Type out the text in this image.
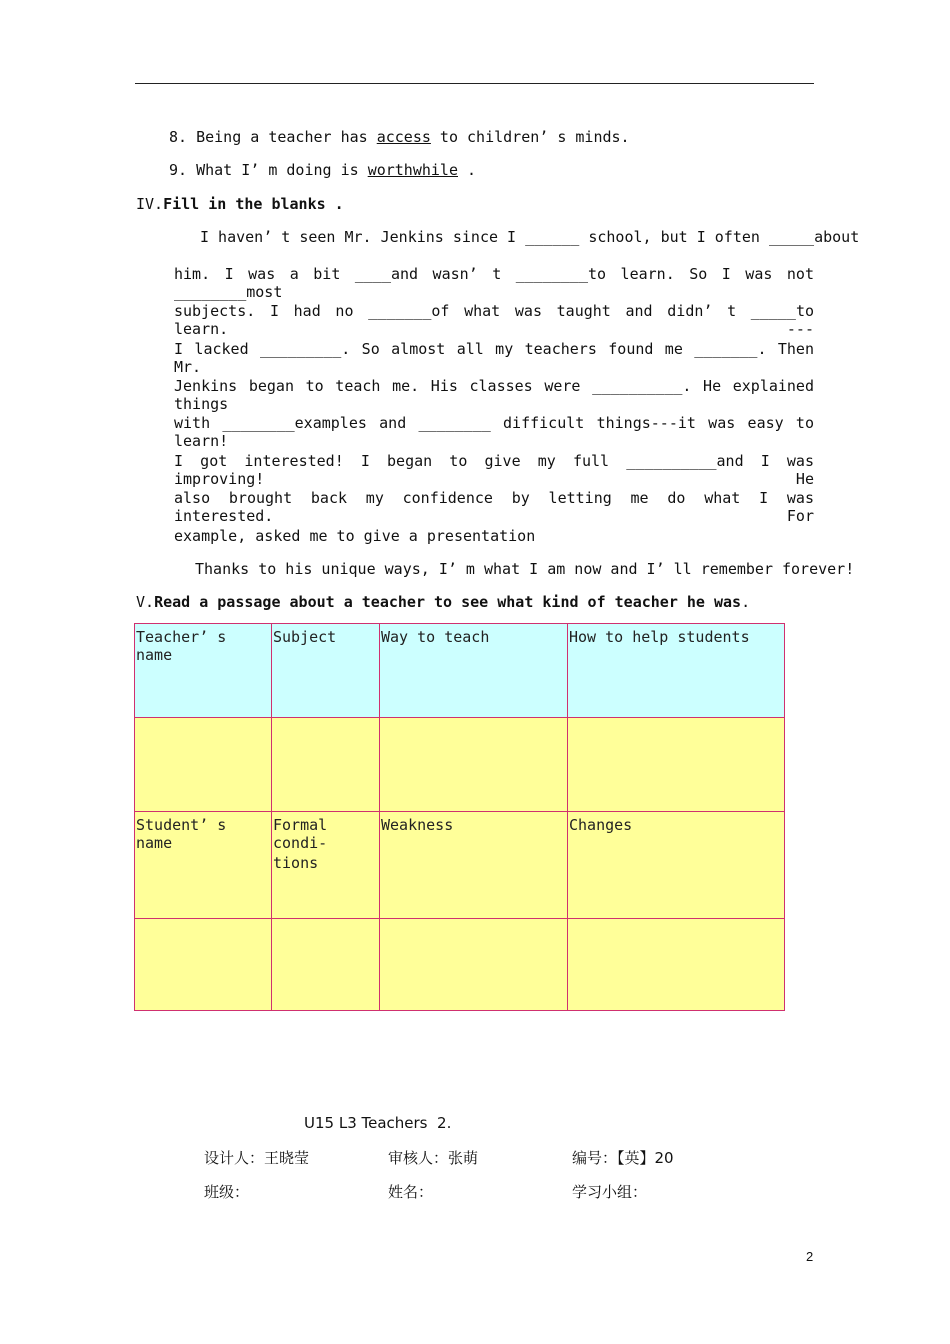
8. Being a teacher has access to children’ s minds.
9. What I’ m doing is worthwhile .
IV.Fill in the blanks .
I haven’ t seen Mr. Jenkins since I ______ school, but I often _____about
him. I was a bit ____and wasn’ t ________to learn. So I was not ________most
subjects. I had no _______of what was taught and didn’ t _____to learn. ---
I lacked _________. So almost all my teachers found me _______. Then Mr.
Jenkins began to teach me. His classes were __________. He explained things
with ________examples and ________ difficult things---it was easy to learn!
I got interested! I began to give my full __________and I was improving! He
also brought back my confidence by letting me do what I was interested. For
example, asked me to give a presentation
Thanks to his unique ways, I’ m what I am now and I’ ll remember forever!
V.Read a passage about a teacher to see what kind of teacher he was.
Teacher’ s name	Subject	Way to teach	How to help students

Student’ s name	Formal
condi-
tions	Weakness	Changes

U15 L3 Teachers  2.
设计人：王晓莹	审核人：张萌	编号：【英】20
班级：	姓名：	学习小组：
2
